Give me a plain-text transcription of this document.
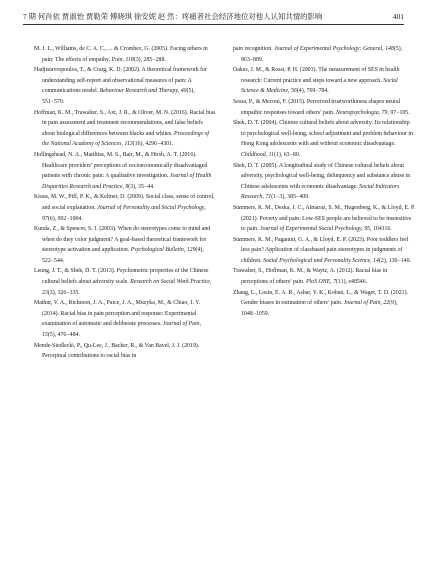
7 期 何肖依 贾淑怡 贾勒荣 傅晓琪 徐安妮 赵 然：疼痛者社会经济地位对他人认知共情的影响	401

M. J. L., Williams, de C. A. C., ... & Crombez, G. (2005). Facing others in pain: The effects of empathy. Pain, 118(3), 285−288.

Hadjistavropoulos, T., & Craig, K. D. (2002). A theoretical framework for understanding self-report and observational measures of pain: A communications model. Behaviour Research and Therapy, 40(5), 551−570.

Hoffman, K. M., Trawalter, S., Axt, J. R., & Oliver, M. N. (2016). Racial bias in pain assessment and treatment recommendations, and false beliefs about biological differences between blacks and whites. Proceedings of the National Academy of Sciences, 113(16), 4296−4301.

Hollingshead, N. A., Matthias, M. S., Bair, M., & Hirsh, A. T. (2016). Healthcare providers’ perceptions of socioeconomically disadvantaged patients with chronic pain: A qualitative investigation. Journal of Health Disparities Research and Practice, 9(3), 35−44.

Kraus, M. W., Piff, P. K., & Keltner, D. (2009). Social class, sense of control, and social explanation. Journal of Personality and Social Psychology, 97(6), 992−1004.

Kunda, Z., & Spencer, S. J. (2003). When do stereotypes come to mind and when do they color judgment? A goal-based theoretical framework for stereotype activation and application. Psychological Bulletin, 129(4), 522−544.

Leung, J. T., & Shek, D. T. (2013). Psychometric properties of the Chinese cultural beliefs about adversity scale. Research on Social Work Practice, 23(3), 326−335.

Mathur, V. A., Richeson, J. A., Paice, J. A., Muzyka, M., & Chiao, J. Y. (2014). Racial bias in pain perception and response: Experimental examination of automatic and deliberate processes. Journal of Pain, 15(5), 476−484.

Mende-Siedlecki, P., Qu-Lee, J., Backer, R., & Van Bavel, J. J. (2019). Perceptual contributions to racial bias in

pain recognition. Journal of Experimental Psychology: General, 148(5), 863−889.

Oakes, J. M., & Rossi, P. H. (2003). The measurement of SES in health research: Current practice and steps toward a new approach. Social Science & Medicine, 56(4), 769−784.

Sessa, P., & Meconi, F. (2015). Perceived trustworthiness shapes neural empathic responses toward others’ pain. Neuropsychologia, 79, 97−105.

Shek, D. T. (2004). Chinese cultural beliefs about adversity: Its relationship to psychological well-being, school adjustment and problem behaviour in Hong Kong adolescents with and without economic disadvantage. Childhood, 11(1), 63−80.

Shek, D. T. (2005). A longitudinal study of Chinese cultural beliefs about adversity, psychological well-being, delinquency and substance abuse in Chinese adolescents with economic disadvantage. Social Indicators Research, 71(1−3), 385−409.

Summers, K. M., Deska, J. C., Almaraz, S. M., Hugenberg, K., & Lloyd, E. P. (2021). Poverty and pain: Low-SES people are believed to be insensitive to pain. Journal of Experimental Social Psychology, 95, 104116.

Summers, K. M., Paganini, G. A., & Lloyd, E. P. (2023). Poor toddlers feel less pain? Application of classbased pain stereotypes in judgments of children. Social Psychological and Personality Science, 14(2), 130−140.

Trawalter, S., Hoffman, K. M., & Waytz, A. (2012). Racial bias in perceptions of others’ pain. PloS ONE, 7(11), e48546.

Zhang, L., Losin, E. A. R., Ashar, Y. K., Koban, L., & Wager, T. D. (2021). Gender biases in estimation of others’ pain. Journal of Pain, 22(9), 1048−1059.
